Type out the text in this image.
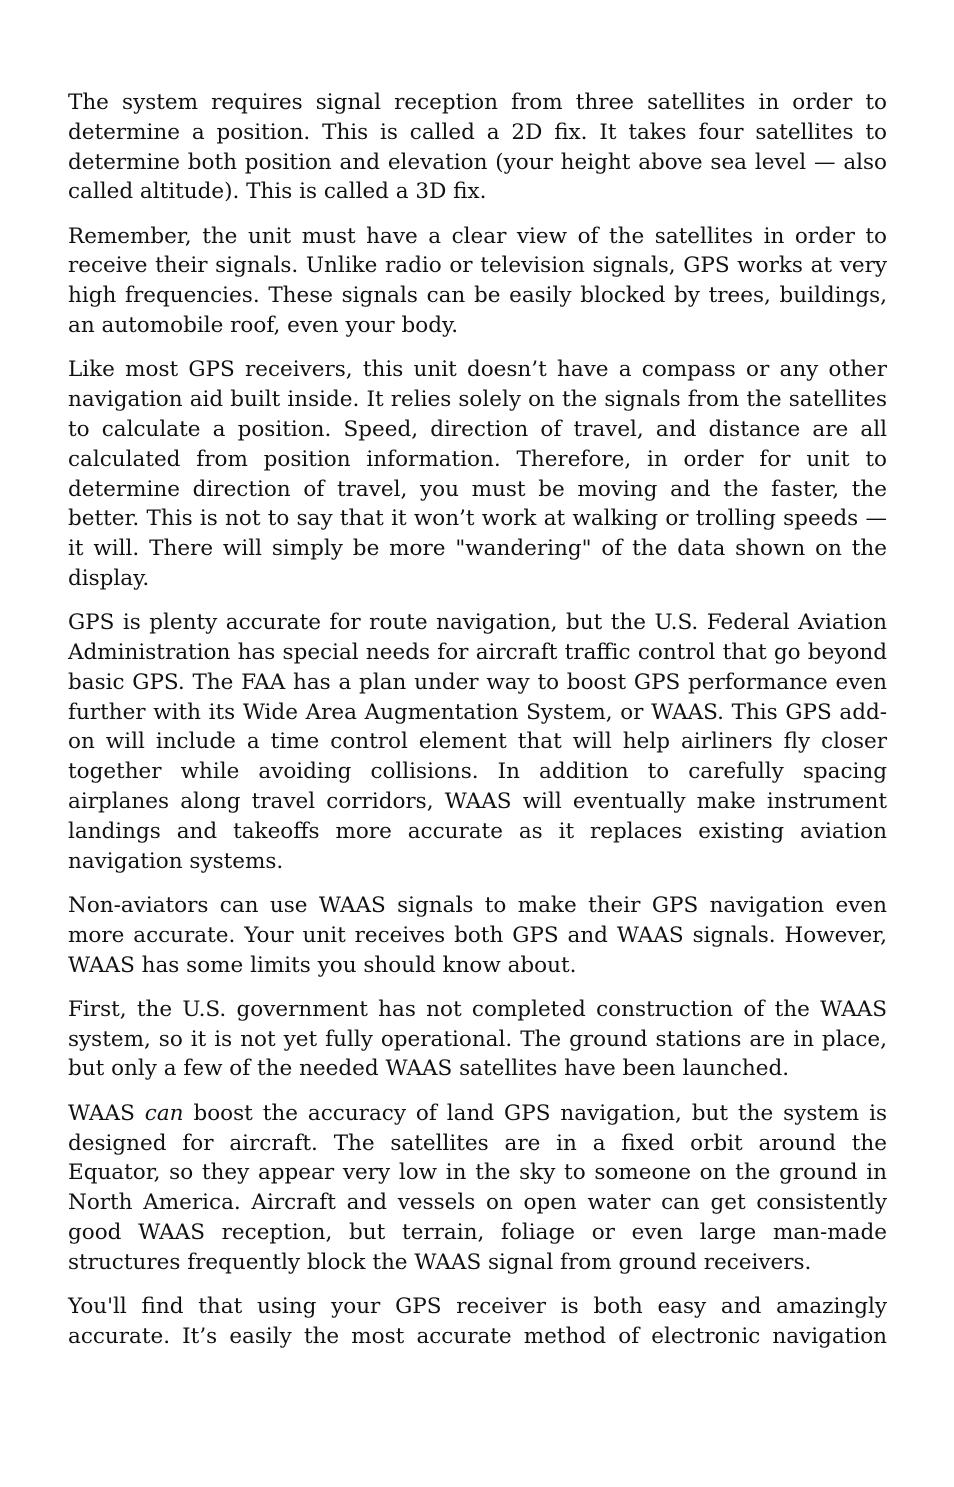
The system requires signal reception from three satellites in order to determine a position. This is called a 2D fix. It takes four satellites to determine both position and elevation (your height above sea level — also called altitude). This is called a 3D fix.

Remember, the unit must have a clear view of the satellites in order to receive their signals. Unlike radio or television signals, GPS works at very high frequencies. These signals can be easily blocked by trees, buildings, an automobile roof, even your body.

Like most GPS receivers, this unit doesn’t have a compass or any other navigation aid built inside. It relies solely on the signals from the satellites to calculate a position. Speed, direction of travel, and distance are all calculated from position information. Therefore, in order for unit to determine direction of travel, you must be moving and the faster, the better. This is not to say that it won’t work at walking or trolling speeds — it will. There will simply be more "wandering" of the data shown on the display.

GPS is plenty accurate for route navigation, but the U.S. Federal Aviation Administration has special needs for aircraft traffic control that go beyond basic GPS. The FAA has a plan under way to boost GPS performance even further with its Wide Area Augmentation System, or WAAS. This GPS add-on will include a time control element that will help airliners fly closer together while avoiding collisions. In addition to carefully spacing airplanes along travel corridors, WAAS will eventually make instrument landings and takeoffs more accurate as it replaces existing aviation navigation systems.

Non-aviators can use WAAS signals to make their GPS navigation even more accurate. Your unit receives both GPS and WAAS signals. However, WAAS has some limits you should know about.

First, the U.S. government has not completed construction of the WAAS system, so it is not yet fully operational. The ground stations are in place, but only a few of the needed WAAS satellites have been launched.

WAAS can boost the accuracy of land GPS navigation, but the system is designed for aircraft. The satellites are in a fixed orbit around the Equator, so they appear very low in the sky to someone on the ground in North America. Aircraft and vessels on open water can get consistently good WAAS reception, but terrain, foliage or even large man-made structures frequently block the WAAS signal from ground receivers.

You'll find that using your GPS receiver is both easy and amazingly accurate. It’s easily the most accurate method of electronic navigation
